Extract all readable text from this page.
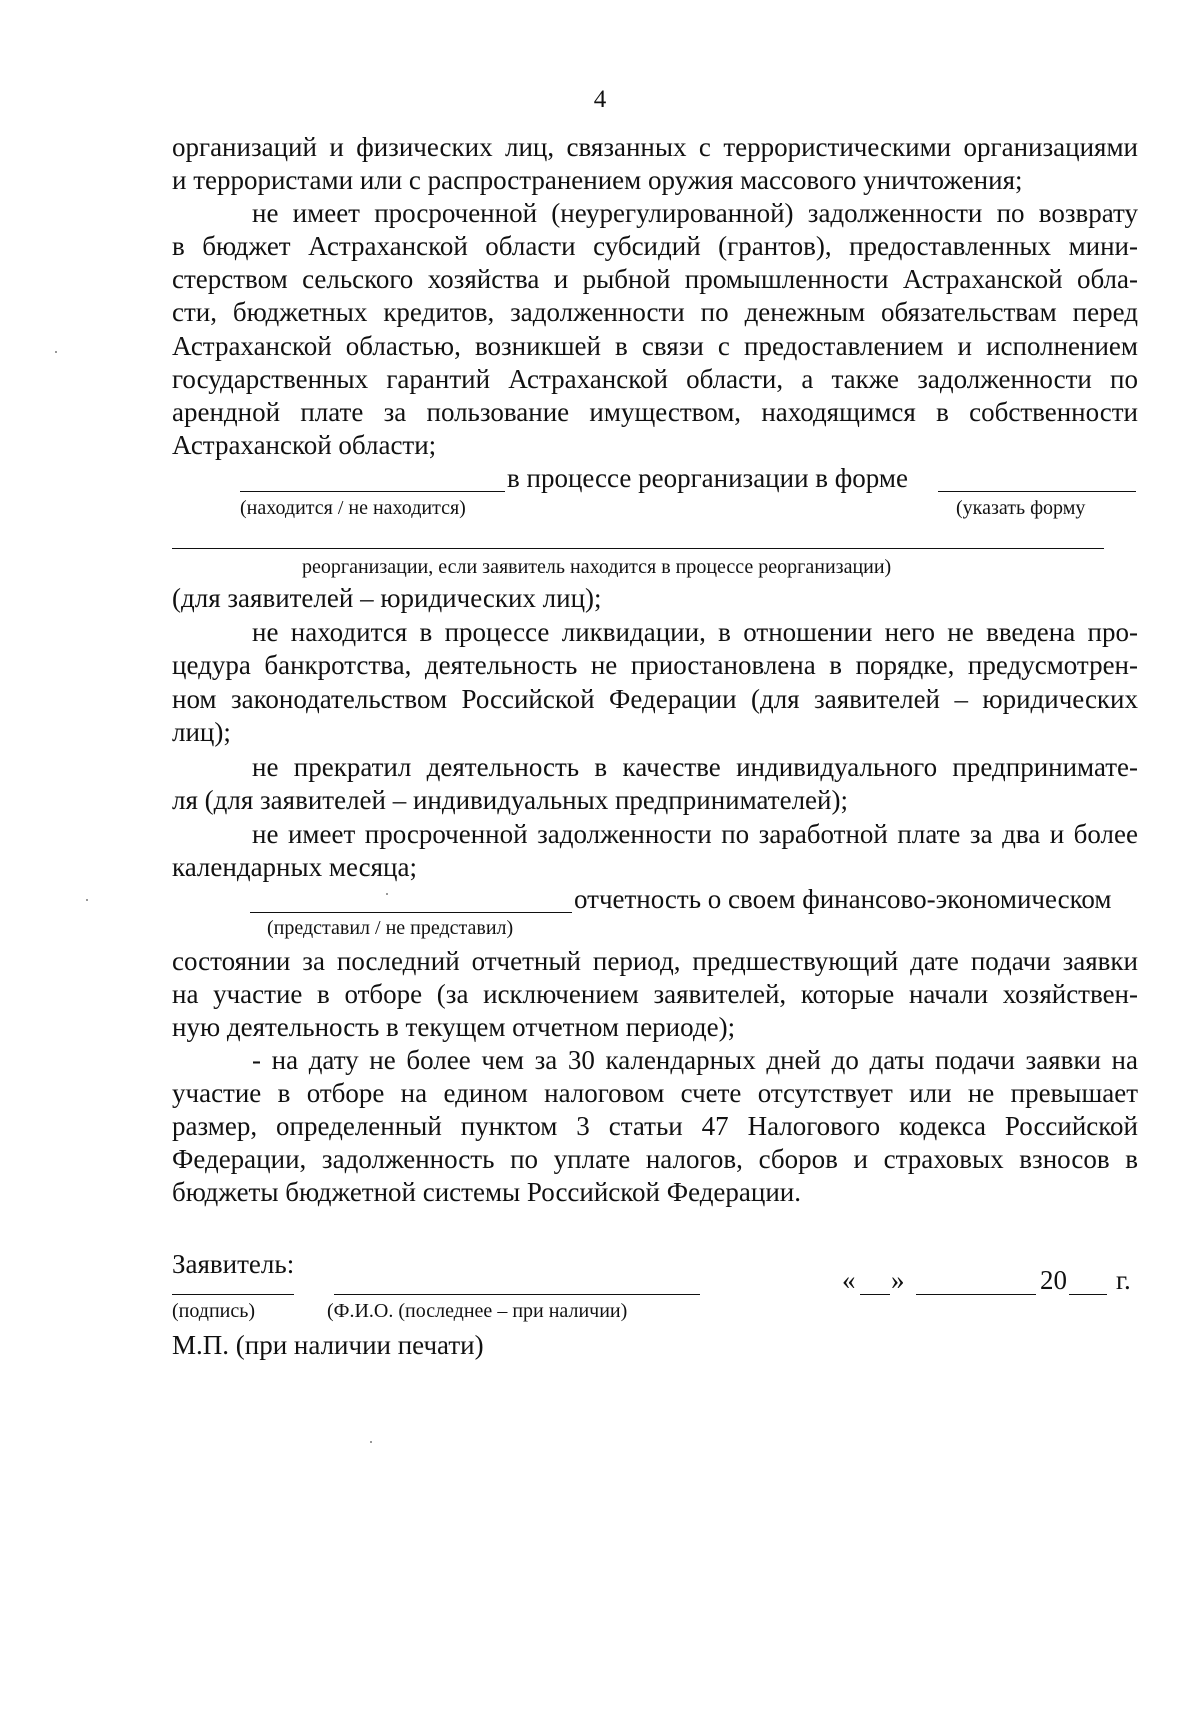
4
организаций и физических лиц, связанных с террористическими организациями
и террористами или с распространением оружия массового уничтожения;
не имеет просроченной (неурегулированной) задолженности по возврату
в бюджет Астраханской области субсидий (грантов), предоставленных мини-
стерством сельского хозяйства и рыбной промышленности Астраханской обла-
сти, бюджетных кредитов, задолженности по денежным обязательствам перед
Астраханской областью, возникшей в связи с предоставлением и исполнением
государственных гарантий Астраханской области, а также задолженности по
арендной плате за пользование имуществом, находящимся в собственности
Астраханской области;
в процессе реорганизации в форме
(находится / не находится)	(указать форму
реорганизации, если заявитель находится в процессе реорганизации)
(для заявителей – юридических лиц);
не находится в процессе ликвидации, в отношении него не введена про-
цедура банкротства, деятельность не приостановлена в порядке, предусмотрен-
ном законодательством Российской Федерации (для заявителей – юридических
лиц);
не прекратил деятельность в качестве индивидуального предпринимате-
ля (для заявителей – индивидуальных предпринимателей);
не имеет просроченной задолженности по заработной плате за два и более
календарных месяца;
отчетность о своем финансово-экономическом
(представил / не представил)
состоянии за последний отчетный период, предшествующий дате подачи заявки
на участие в отборе (за исключением заявителей, которые начали хозяйствен-
ную деятельность в текущем отчетном периоде);
- на дату не более чем за 30 календарных дней до даты подачи заявки на
участие в отборе на едином налоговом счете отсутствует или не превышает
размер, определенный пунктом 3 статьи 47 Налогового кодекса Российской
Федерации, задолженность по уплате налогов, сборов и страховых взносов в
бюджеты бюджетной системы Российской Федерации.
Заявитель:
« »	20 г.
(подпись)	(Ф.И.О. (последнее – при наличии)
М.П. (при наличии печати)
